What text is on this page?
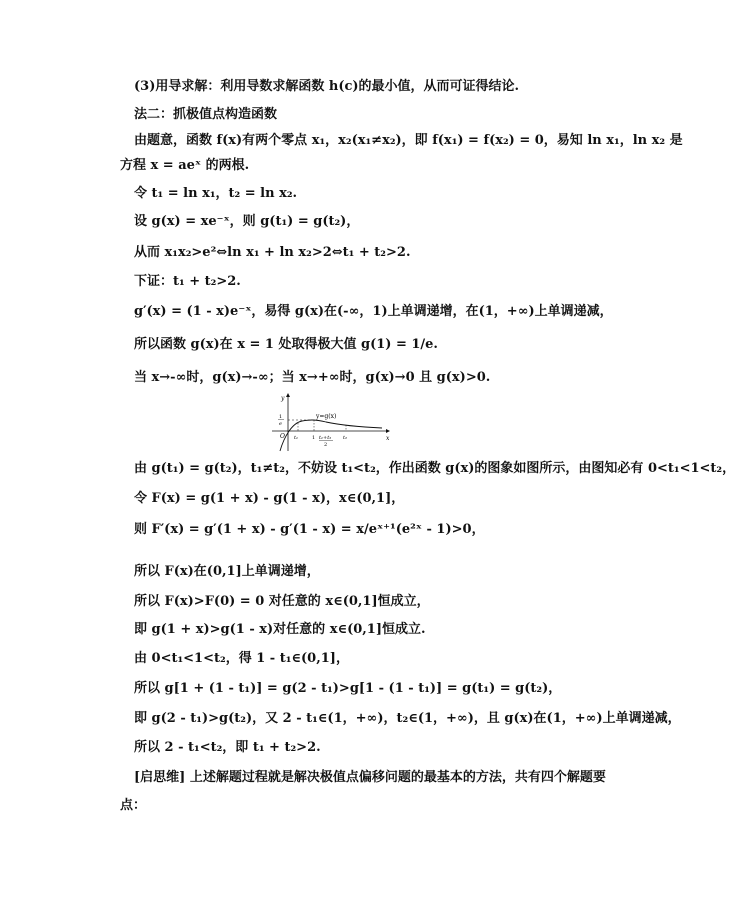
(3)用导求解：利用导数求解函数 h(c)的最小值，从而可证得结论.
法二：抓极值点构造函数
由题意，函数 f(x)有两个零点 x₁，x₂(x₁≠x₂)，即 f(x₁) = f(x₂) = 0，易知 ln x₁，ln x₂ 是
方程 x = aeˣ 的两根.
令 t₁ = ln x₁，t₂ = ln x₂.
设 g(x) = xe⁻ˣ，则 g(t₁) = g(t₂)，
从而 x₁x₂>e²⇔ln x₁ + ln x₂>2⇔t₁ + t₂>2.
下证：t₁ + t₂>2.
g′(x) = (1 - x)e⁻ˣ，易得 g(x)在(-∞，1)上单调递增，在(1，+∞)上单调递减，
所以函数 g(x)在 x = 1 处取得极大值 g(1) = 1/e.
当 x→-∞时，g(x)→-∞；当 x→+∞时，g(x)→0 且 g(x)>0.
y
x
O
y=g(x)
1
e
t₁	1 t₁+t₂
2
t₂
由 g(t₁) = g(t₂)，t₁≠t₂，不妨设 t₁<t₂，作出函数 g(x)的图象如图所示，由图知必有 0<t₁<1<t₂，
令 F(x) = g(1 + x) - g(1 - x)，x∈(0,1]，
则 F′(x) = g′(1 + x) - g′(1 - x) = x/eˣ⁺¹(e²ˣ - 1)>0，
所以 F(x)在(0,1]上单调递增，
所以 F(x)>F(0) = 0 对任意的 x∈(0,1]恒成立，
即 g(1 + x)>g(1 - x)对任意的 x∈(0,1]恒成立.
由 0<t₁<1<t₂，得 1 - t₁∈(0,1]，
所以 g[1 + (1 - t₁)] = g(2 - t₁)>g[1 - (1 - t₁)] = g(t₁) = g(t₂)，
即 g(2 - t₁)>g(t₂)，又 2 - t₁∈(1，+∞)，t₂∈(1，+∞)，且 g(x)在(1，+∞)上单调递减，
所以 2 - t₁<t₂，即 t₁ + t₂>2.
[启思维] 上述解题过程就是解决极值点偏移问题的最基本的方法，共有四个解题要
点：
